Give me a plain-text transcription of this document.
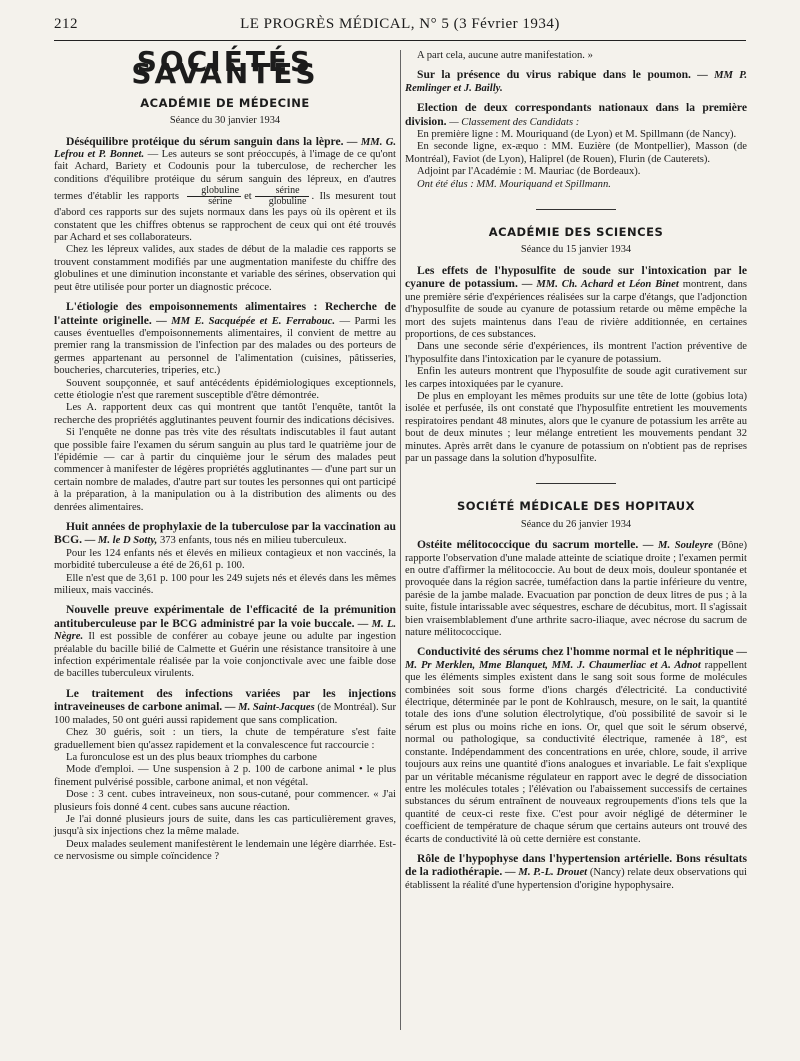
212	LE PROGRÈS MÉDICAL, N° 5 (3 Février 1934)
SOCIÉTÉS SAVANTES
ACADÉMIE DE MÉDECINE
Séance du 30 janvier 1934

Déséquilibre protéique du sérum sanguin dans la lèpre. — MM. G. Lefrou et P. Bonnet. — Les auteurs se sont préoccupés, à l'image de ce qu'ont fait Achard, Bariety et Codounis pour la tuberculose, de rechercher les conditions d'équilibre protéique du sérum sanguin des lépreux, en d'autres termes d'établir les rapports $\frac{\text{globuline}}{\text{sérine}}$ et $\frac{\text{sérine}}{\text{globuline}}$ . Ils mesurent tout d'abord ces rapports sur des sujets normaux dans les pays où ils opèrent et ils constatent que les chiffres obtenus se rapprochent de ceux qui ont été trouvés par Achard et ses collaborateurs.

Chez les lépreux valides, aux stades de début de la maladie ces rapports se trouvent constamment modifiés par une augmentation manifeste du chiffre des globulines et une diminution inconstante et variable des sérines, observation qui peut être utilisée pour porter un diagnostic précoce.

L'étiologie des empoisonnements alimentaires : Recherche de l'atteinte originelle. — MM E. Sacquépée et E. Ferrabouc. — Parmi les causes éventuelles d'empoisonnements alimentaires, il convient de mettre au premier rang la transmission de l'infection par des malades ou des porteurs de germes appartenant au personnel de l'alimentation (cuisines, pâtisseries, boucheries, charcuteries, triperies, etc.)

Souvent soupçonnée, et sauf antécédents épidémiologiques exceptionnels, cette étiologie n'est que rarement susceptible d'être démontrée.

Les A. rapportent deux cas qui montrent que tantôt l'enquête, tantôt la recherche des propriétés agglutinantes peuvent fournir des indications décisives.

Si l'enquête ne donne pas très vite des résultats indiscutables il faut autant que possible faire l'examen du sérum sanguin au plus tard le quatrième jour de l'épidémie — car à partir du cinquième jour le sérum des malades peut commencer à manifester de légères propriétés agglutinantes — d'une part sur un certain nombre de malades, d'autre part sur toutes les personnes qui ont participé à la préparation, à la manipulation ou à la distribution des aliments ou des denrées alimentaires.

Huit années de prophylaxie de la tuberculose par la vaccination au BCG. — M. le D Sotty, 373 enfants, tous nés en milieu tuberculeux.

Pour les 124 enfants nés et élevés en milieux contagieux et non vaccinés, la morbidité tuberculeuse a été de 26,61 p. 100.

Elle n'est que de 3,61 p. 100 pour les 249 sujets nés et élevés dans les mêmes milieux, mais vaccinés.

Nouvelle preuve expérimentale de l'efficacité de la prémunition antituberculeuse par le BCG administré par la voie buccale. — M. L. Nègre. Il est possible de conférer au cobaye jeune ou adulte par ingestion préalable du bacille bilié de Calmette et Guérin une résistance transitoire à une infection expérimentale réalisée par la voie conjonctivale avec une faible dose de bacilles tuberculeux virulents.

Le traitement des infections variées par les injections intraveineuses de carbone animal. — M. Saint-Jacques (de Montréal). Sur 100 malades, 50 ont guéri aussi rapidement que sans complication.

Chez 30 guéris, soit : un tiers, la chute de température s'est faite graduellement bien qu'assez rapidement et la convalescence fut raccourcie :

La furonculose est un des plus beaux triomphes du carbone

Mode d'emploi. — Une suspension à 2 p. 100 de carbone animal • le plus finement pulvérisé possible, carbone animal, et non végétal.

Dose : 3 cent. cubes intraveineux, non sous-cutané, pour commencer. « J'ai plusieurs fois donné 4 cent. cubes sans aucune réaction.

Je l'ai donné plusieurs jours de suite, dans les cas particulièrement graves, jusqu'à six injections chez la même malade.

Deux malades seulement manifestèrent le lendemain une légère diarrhée. Est-ce nervosisme ou simple coïncidence ?

A part cela, aucune autre manifestation. »

Sur la présence du virus rabique dans le poumon. — MM P. Remlinger et J. Bailly.

Election de deux correspondants nationaux dans la première division. — Classement des Candidats :

En première ligne : M. Mouriquand (de Lyon) et M. Spillmann (de Nancy).

En seconde ligne, ex-æquo : MM. Euzière (de Montpellier), Masson (de Montréal), Faviot (de Lyon), Haliprel (de Rouen), Flurin (de Cauterets).

Adjoint par l'Académie : M. Mauriac (de Bordeaux).

Ont été élus : MM. Mouriquand et Spillmann.

ACADÉMIE DES SCIENCES
Séance du 15 janvier 1934

Les effets de l'hyposulfite de soude sur l'intoxication par le cyanure de potassium. — MM. Ch. Achard et Léon Binet montrent, dans une première série d'expériences réalisées sur la carpe d'étangs, que l'adjonction d'hyposulfite de soude au cyanure de potassium retarde ou même empêche la mort des sujets maintenus dans l'eau de rivière additionnée, en certaines proportions, de ces substances.

Dans une seconde série d'expériences, ils montrent l'action préventive de l'hyposulfite dans l'intoxication par le cyanure de potassium.

Enfin les auteurs montrent que l'hyposulfite de soude agit curativement sur les carpes intoxiquées par le cyanure.

De plus en employant les mêmes produits sur une tête de lotte (gobius lota) isolée et perfusée, ils ont constaté que l'hyposulfite entretient les mouvements respiratoires pendant 48 minutes, alors que le cyanure de potassium les arrête au bout de deux minutes ; leur mélange entretient les mouvements pendant 32 minutes. Après arrêt dans le cyanure de potassium on n'obtient pas de reprises par un passage dans la solution d'hyposulfite.

SOCIÉTÉ MÉDICALE DES HOPITAUX
Séance du 26 janvier 1934

Ostéite mélitococcique du sacrum mortelle. — M. Souleyre (Bône) rapporte l'observation d'une malade atteinte de sciatique droite ; l'examen permit en outre d'affirmer la mélitococcie. Au bout de deux mois, douleur spontanée et provoquée dans la région sacrée, tuméfaction dans la partie inférieure du ventre, parésie de la jambe malade. Evacuation par ponction de deux litres de pus ; à la suite, fistule intarissable avec séquestres, eschare de décubitus, mort. Il s'agissait bien vraisemblablement d'une arthrite sacro-iliaque, avec nécrose du sacrum de nature mélitococcique.

Conductivité des sérums chez l'homme normal et le néphritique — M. Pr Merklen, Mme Blanquet, MM. J. Chaumerliac et A. Adnot rappellent que les éléments simples existent dans le sang soit sous forme de molécules combinées soit sous forme d'ions chargés d'électricité. La conductivité électrique, déterminée par le pont de Kohlrausch, mesure, on le sait, la quantité totale des ions d'une solution électrolytique, d'où possibilité de savoir si le sérum est plus ou moins riche en ions. Or, quel que soit le sérum observé, normal ou pathologique, sa conductivité électrique, ramenée à 18°, est constante. Indépendamment des concentrations en urée, chlore, soude, il arrive toujours aux reins une quantité d'ions analogues et invariable. Le fait s'explique par un véritable mécanisme régulateur en rapport avec le degré de dissociation entre les molécules totales ; l'élévation ou l'abaissement successifs de certaines substances du sérum entraînent de nouveaux regroupements d'ions tels que la quantité de ceux-ci reste fixe. C'est pour avoir négligé de déterminer le coefficient de température de chaque sérum que certains auteurs ont trouvé des écarts de conductivité là où cette dernière est constante.

Rôle de l'hypophyse dans l'hypertension artérielle. Bons résultats de la radiothérapie. — M. P.-L. Drouet (Nancy) relate deux observations qui établissent la réalité d'une hypertension d'origine hypophysaire.
